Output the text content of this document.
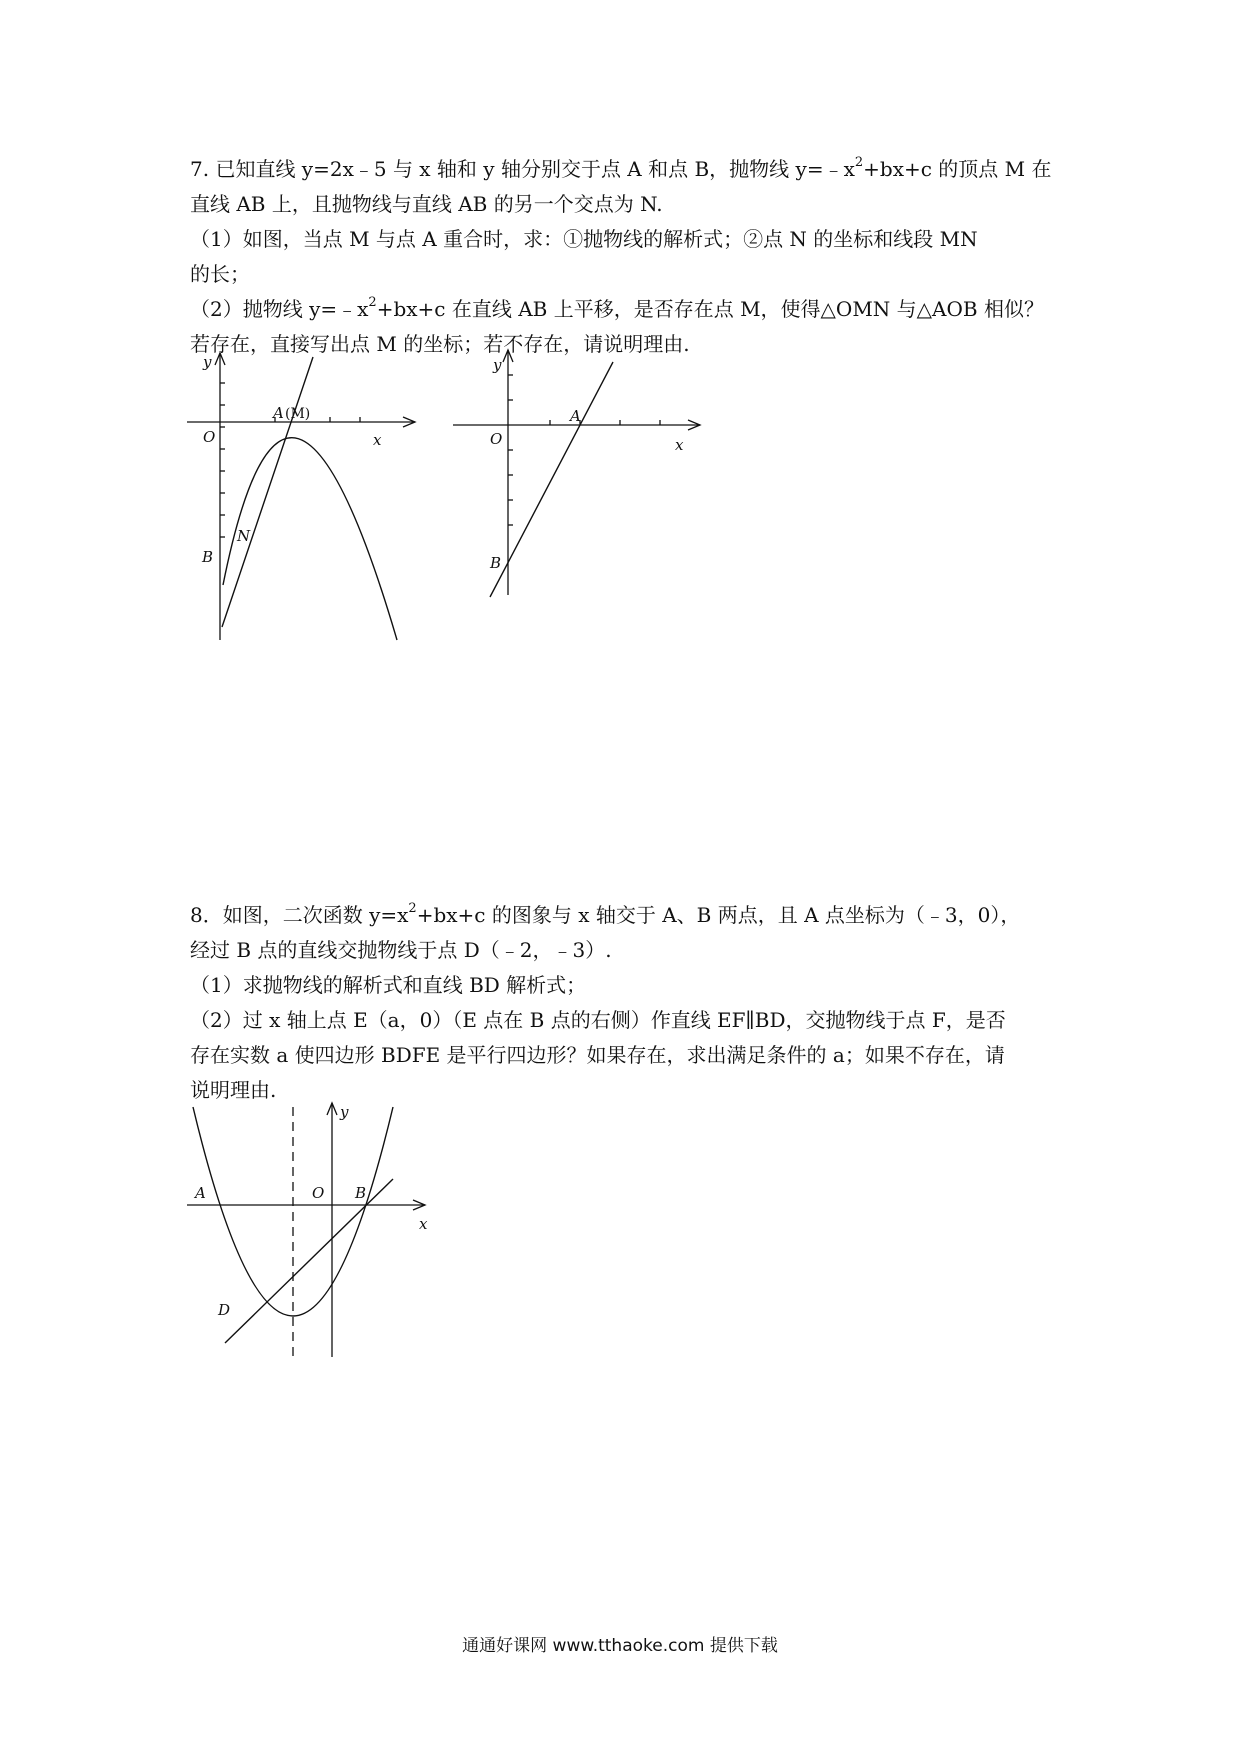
7. 已知直线 y=2x﹣5 与 x 轴和 y 轴分别交于点 A 和点 B，抛物线 $y=﹣x^2+bx+c$ 的顶点 M 在

直线 AB 上，且抛物线与直线 AB 的另一个交点为 N.

（1）如图，当点 M 与点 A 重合时，求：①抛物线的解析式；②点 N 的坐标和线段 MN

的长；

（2）抛物线 $y=﹣x^2+bx+c$ 在直线 AB 上平移，是否存在点 M，使得△OMN 与△AOB 相似？

若存在，直接写出点 M 的坐标；若不存在，请说明理由.

y
O	x
A (M)
N
B
y
O	x
A
B

8．如图，二次函数 $y=x^2+bx+c$ 的图象与 x 轴交于 A、B 两点，且 A 点坐标为（﹣3，0），

经过 B 点的直线交抛物线于点 D（﹣2，﹣3）.

（1）求抛物线的解析式和直线 BD 解析式；

（2）过 x 轴上点 E（a，0）（E 点在 B 点的右侧）作直线 EF∥BD，交抛物线于点 F，是否

存在实数 a 使四边形 BDFE 是平行四边形？如果存在，求出满足条件的 a；如果不存在，请

说明理由.

y
A	O B
x
D
通通好课网 www.tthaoke.com 提供下载
